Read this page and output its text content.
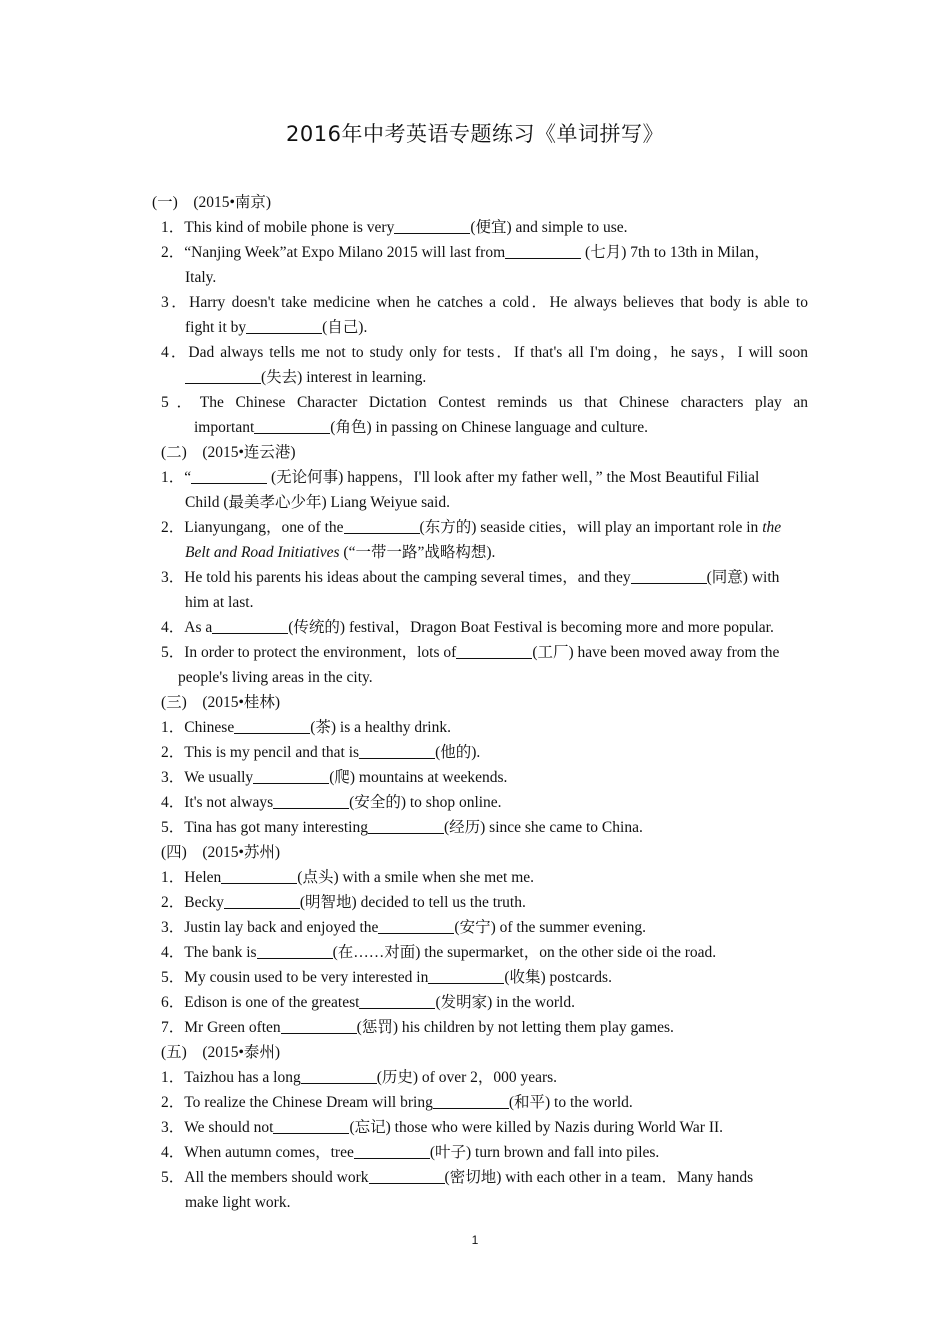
2016年中考英语专题练习《单词拼写》
(一)　(2015•南京)
1．This kind of mobile phone is very	(便宜) and simple to use.
2．“Nanjing Week”at Expo Milano 2015 will last from	(七月) 7th to 13th in Milan，
Italy.
3．Harry doesn't take medicine when he catches a cold．He always believes that body is able to
fight it by	(自己).
4．Dad always tells me not to study only for tests．If that's all I'm doing，he says，I will soon
(失去) interest in learning.
5．The Chinese Character Dictation Contest reminds us that Chinese characters play an
important	(角色) in passing on Chinese language and culture.
(二)　(2015•连云港)
1．“	(无论何事) happens，I'll look after my father well，” the Most Beautiful Filial
Child (最美孝心少年) Liang Weiyue said.
2．Lianyungang，one of the	(东方的) seaside cities，will play an important role in the
Belt and Road Initiatives (“一带一路”战略构想).
3．He told his parents his ideas about the camping several times，and they	(同意) with
him at last.
4．As a	(传统的) festival，Dragon Boat Festival is becoming more and more popular.
5．In order to protect the environment，lots of	(工厂) have been moved away from the
people's living areas in the city.
(三)　(2015•桂林)
1．Chinese	(茶) is a healthy drink.
2．This is my pencil and that is	(他的).
3．We usually	(爬) mountains at weekends.
4．It's not always	(安全的) to shop online.
5．Tina has got many interesting	(经历) since she came to China.
(四)　(2015•苏州)
1．Helen	(点头) with a smile when she met me.
2．Becky	(明智地) decided to tell us the truth.
3．Justin lay back and enjoyed the	(安宁) of the summer evening.
4．The bank is	(在……对面) the supermarket，on the other side oi the road.
5．My cousin used to be very interested in	(收集) postcards.
6．Edison is one of the greatest	(发明家) in the world.
7．Mr Green often	(惩罚) his children by not letting them play games.
(五)　(2015•泰州)
1．Taizhou has a long	(历史) of over 2，000 years.
2．To realize the Chinese Dream will bring	(和平) to the world.
3．We should not	(忘记) those who were killed by Nazis during World War II.
4．When autumn comes，tree	(叶子) turn brown and fall into piles.
5．All the members should work	(密切地) with each other in a team．Many hands
make light work.
1
